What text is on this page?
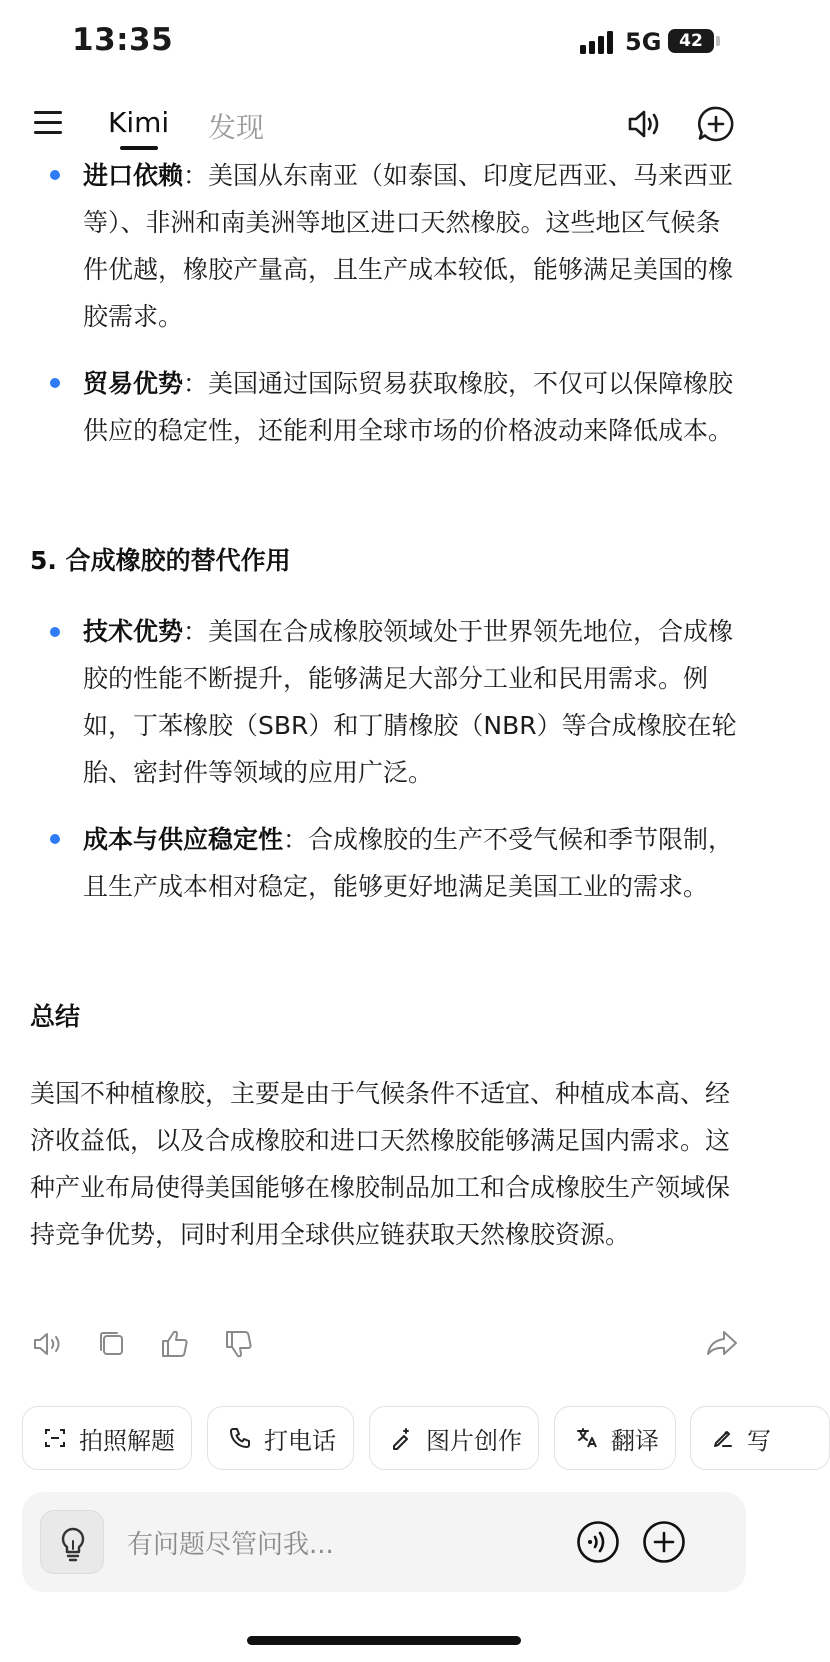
13:35	5G	42
进口依赖：美国从东南亚（如泰国、印度尼西亚、马来西亚等）、非洲和南美洲等地区进口天然橡胶。这些地区气候条件优越，橡胶产量高，且生产成本较低，能够满足美国的橡胶需求。
贸易优势：美国通过国际贸易获取橡胶，不仅可以保障橡胶供应的稳定性，还能利用全球市场的价格波动来降低成本。
5. 合成橡胶的替代作用
技术优势：美国在合成橡胶领域处于世界领先地位，合成橡胶的性能不断提升，能够满足大部分工业和民用需求。例如，丁苯橡胶（SBR）和丁腈橡胶（NBR）等合成橡胶在轮胎、密封件等领域的应用广泛。
成本与供应稳定性：合成橡胶的生产不受气候和季节限制，且生产成本相对稳定，能够更好地满足美国工业的需求。
总结
美国不种植橡胶，主要是由于气候条件不适宜、种植成本高、经济收益低，以及合成橡胶和进口天然橡胶能够满足国内需求。这种产业布局使得美国能够在橡胶制品加工和合成橡胶生产领域保持竞争优势，同时利用全球供应链获取天然橡胶资源。
Kimi 发现
拍照解题	打电话	图片创作	翻译	写
有问题尽管问我...
